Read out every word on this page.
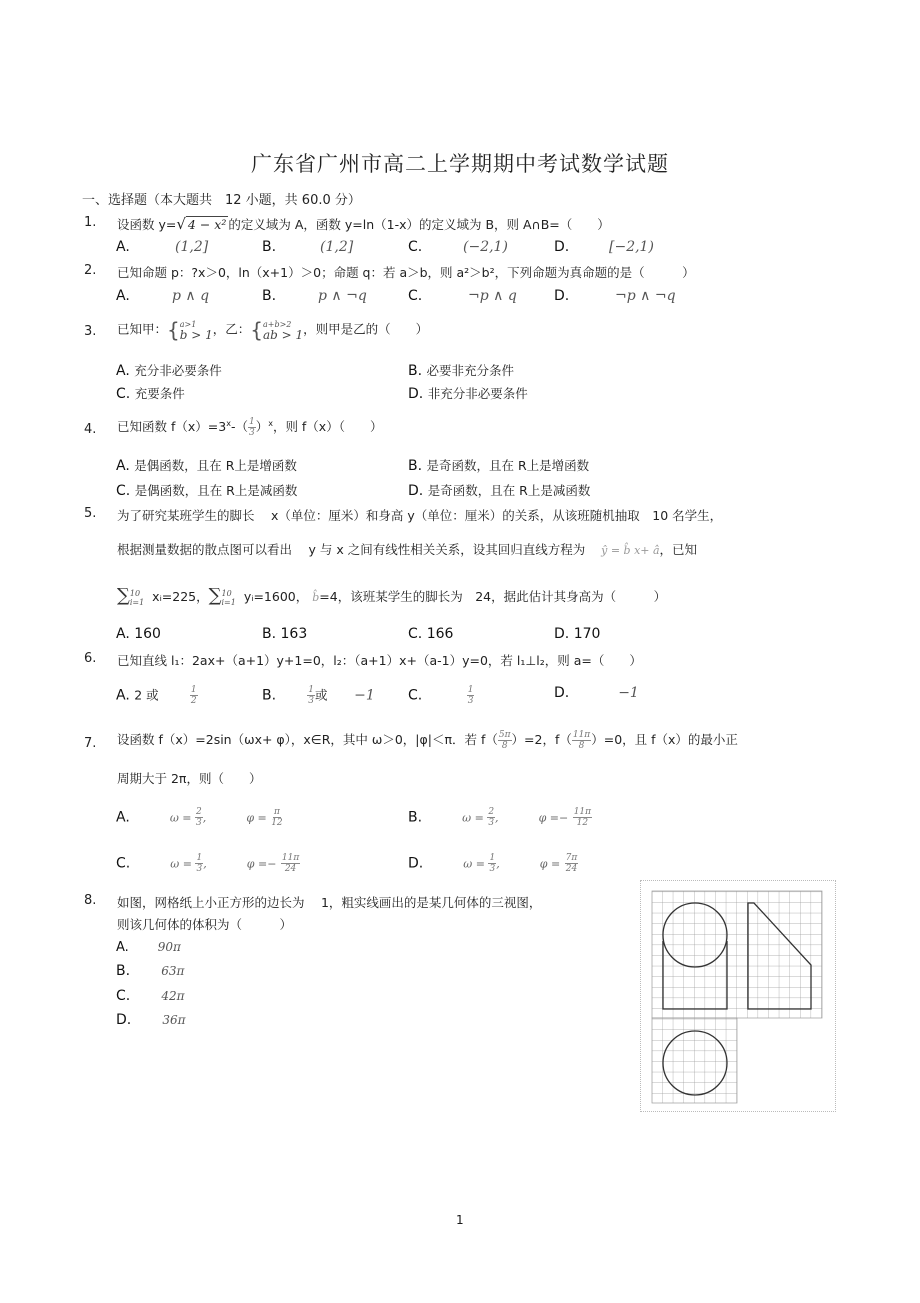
广东省广州市高二上学期期中考试数学试题
一、选择题（本大题共　12 小题，共 60.0 分）
1. 设函数 y=√ 4 − x² 的定义域为 A，函数 y=ln（1-x）的定义域为 B，则 A∩B=（　　）
A.	(1,2]	B.	(1,2]	C.	(−2,1)	D.	[−2,1)
2. 已知命题 p：?x＞0，ln（x+1）＞0；命题 q：若 a＞b，则 a²＞b²，下列命题为真命题的是（　　　）
A.	p ∧ q	B.	p ∧ ¬q	C.	¬p ∧ q	D.	¬p ∧ ¬q
3. 已知甲：{ a>1
b > 1 ，乙：{ a+b>2
ab > 1 ，则甲是乙的（　　）
A. 充分非必要条件	B. 必要非充分条件
C. 充要条件	D. 非充分非必要条件
4. 已知函数 $f(x)=3^x-( \frac{1}{3} )^x$，则 f（x）（　　）
A. 是偶函数，且在 R上是增函数	B. 是奇函数，且在 R上是增函数
C. 是偶函数，且在 R上是减函数	D. 是奇函数，且在 R上是减函数
5. 为了研究某班学生的脚长　 x（单位：厘米）和身高 y（单位：厘米）的关系，从该班随机抽取　10 名学生，
根据测量数据的散点图可以看出　 y 与 x 之间有线性相关关系，设其回归直线方程为 ŷ = b̂ x+ â，已知
∑ 10
i=1 xᵢ=225，∑ 10
i=1 yᵢ=1600， b̂=4，该班某学生的脚长为　24，据此估计其身高为（　　　）
A. 160	B. 163	C. 166	D. 170
6. 已知直线 l₁：2ax+（a+1）y+1=0，l₂：（a+1）x+（a-1）y=0，若 l₁⊥l₂，则 a=（　　）
A. 2 或	$\frac{1}{2}$	B.	$\frac{1}{3}$ 或 −1 C.	$\frac{1}{3}$	D.	−1
7. 设函数 f（x）=2sin（ωx+ φ），x∈R，其中 ω＞0，|φ|＜π．若 $f( \frac{5\pi}{8} )=2$，$f( \frac{11\pi}{8} )=0$，且 f（x）的最小正
周期大于 2π，则（　　）
A.	$\omega = \frac{2}{3}$ ,	$\varphi = \frac{\pi}{12}$	B.	$\omega = \frac{2}{3}$ ,	$\varphi =- \frac{11\pi}{12}$
C.	$\omega = \frac{1}{3}$ ,	$\varphi =- \frac{11\pi}{24}$	D.	$\omega = \frac{1}{3}$ ,	$\varphi = \frac{7\pi}{24}$
8. 如图，网格纸上小正方形的边长为　 1，粗实线画出的是某几何体的三视图，
则该几何体的体积为（　　　）
A. 90π
B.	63π
C.	42π
D.	36π
1
